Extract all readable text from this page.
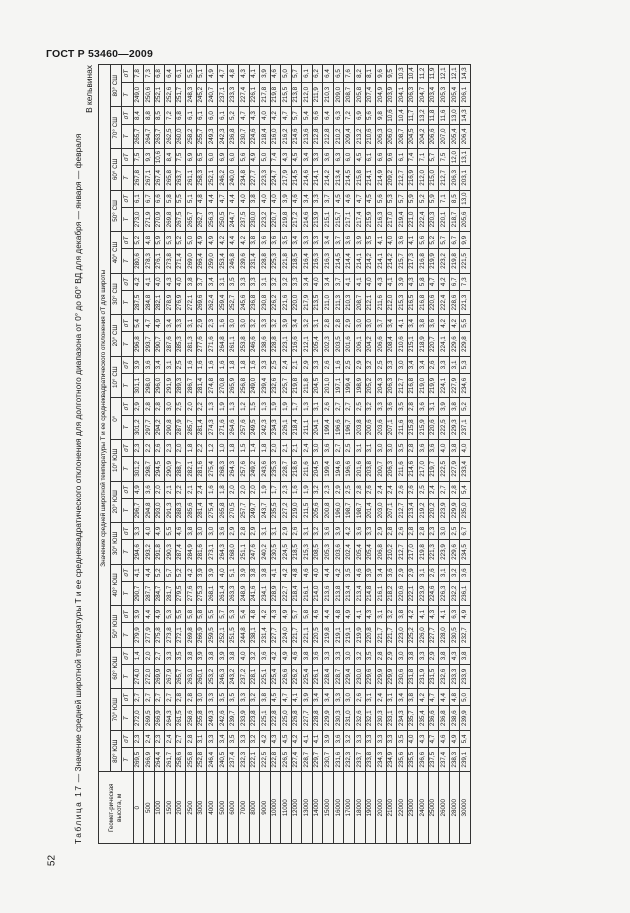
ГОСТ Р 53460—2009
52
Таблица 17 — Значение средней широтной температуры T и ее среднеквадратического отклонения для долготного диапазона от 0° до 60° ВД для декабря — января — февраля
В кельвинах
Геомет-рическая высота, м	Значение средней широтной температуры T и ее среднеквадратического отклонения σT для широты																																	
	80° ЮШ		70° ЮШ		60° ЮШ		50° ЮШ		40° ЮШ		30° ЮШ		20° ЮШ		10° ЮШ		0°		10° СШ		20° СШ		30° СШ		40° СШ		50° СШ		60° СШ		70° СШ		80° СШ	
	T	σT	T	σT	T	σT	T	σT	T	σT	T	σT	T	σT	T	σT	T	σT	T	σT	T	σT	T	σT	T	σT	T	σT	T	σT	T	σT	T	σT
0	269,5	2,3	272,0	2,7	274,0	1,4	279,9	3,9	290,7	4,1	294,6	3,3	296,7	4,9	301,2	2,3	301,2	2,9	301,1	3,9	296,8	5,4	287,5	4,2	280,6	5,2	273,0	6,1	267,8	7,5	265,7	8,4	249,0	7,8
500	266,9	2,4	269,5	2,7	272,0	2,0	277,9	4,4	287,7	4,4	293,2	4,0	294,8	3,6	298,7	2,2	297,7	2,8	298,0	3,6	293,7	4,7	284,8	4,1	278,3	4,8	271,9	6,7	267,1	9,3	264,7	8,8	250,6	7,3
1000	264,4	2,3	266,9	2,7	269,9	2,7	275,8	4,9	284,7	5,2	291,8	4,9	293,0	2,0	294,5	2,6	294,2	2,8	296,0	3,4	290,7	4,9	282,1	4,0	276,1	5,9	270,9	6,6	267,4	10,6	263,7	8,5	252,1	6,8
1500	261,7	2,4	264,3	2,7	267,9	3,3	273,8	5,3	281,7	5,7	290,3	5,5	291,3	2,1	290,9	2,3	290,8	3,0	291,9	3,1	287,6	3,4	278,9	4,3	273,8	5,3	269,8	5,8	265,8	8,4	262,5	7,2	252,6	6,4
2000	258,6	2,7	261,5	2,8	265,7	3,5	272,1	5,5	279,5	5,2	287,4	4,6	288,3	2,2	288,7	2,0	287,9	2,5	289,3	2,5	285,3	3,3	276,9	4,0	271,4	5,2	267,5	5,5	263,7	7,5	260,0	6,8	251,7	6,1
2500	255,8	2,8	258,6	2,8	263,0	3,8	269,8	5,8	277,6	4,2	284,9	3,8	285,6	2,1	282,1	1,8	285,7	2,0	286,7	1,6	281,3	3,1	272,1	3,8	269,0	5,0	265,7	5,1	261,1	6,9	258,2	6,1	248,3	5,5
3000	252,8	3,1	255,8	3,0	260,1	3,9	266,9	5,8	275,3	3,9	281,6	3,0	281,4	2,4	281,6	2,2	281,4	2,2	281,4	1,6	277,6	2,9	269,6	3,7	266,4	4,9	262,7	4,8	258,3	6,5	255,7	6,1	245,2	5,1
4000	246,4	3,3	249,3	3,3	253,2	3,8	259,5	5,5	268,1	3,9	273,1	3,0	275,4	1,6	275,4	1,2	274,3	1,3	274,8	1,6	271,6	2,3	262,4	3,4	259,0	4,9	256,3	4,4	252,1	6,0	249,3	6,0	240,7	4,9
5000	240,5	3,4	242,6	3,5	246,3	3,9	252,1	5,7	261,4	4,0	264,3	3,6	265,8	1,8	268,3	1,0	271,6	1,9	270,8	1,6	264,8	1,6	259,4	3,1	253,4	4,2	250,5	4,7	246,2	6,9	242,3	6,1	237,1	4,7
6000	237,4	3,5	239,7	3,5	243,2	3,8	251,5	5,3	263,3	5,1	268,0	2,9	270,5	2,0	264,3	1,8	264,6	1,3	265,9	1,8	261,1	3,0	252,7	3,5	246,8	4,4	244,7	4,4	240,0	6,0	236,8	5,2	233,3	4,8
7000	232,3	3,3	233,9	3,3	237,2	4,0	244,8	5,4	248,9	3,9	251,1	2,8	257,7	2,0	257,6	1,5	257,6	1,2	256,8	1,8	253,8	3,0	245,6	3,3	239,6	4,2	237,5	4,0	234,8	5,6	230,7	4,7	227,4	4,3
8000	222,1	3,2	223,8	3,2	228,1	3,2	238,1	4,8	241,6	3,8	247,6	2,9	249,7	2,0	249,2	1,4	249,5	1,5	249,0	1,6	246,6	3,2	236,8	3,3	231,4	3,8	230,0	3,8	227,7	4,9	224,6	4,3	226,1	4,1
9000	222,5	4,2	225,1	3,8	225,1	3,6	231,4	4,2	234,1	3,8	240,2	3,1	243,7	1,9	243,6	1,8	242,3	1,3	239,4	3,3	238,6	3,3	230,8	3,1	228,8	3,6	223,2	4,0	223,3	5,0	218,4	4,0	217,8	3,9
10000	222,8	4,3	222,8	4,5	225,4	4,2	227,7	4,3	228,9	4,1	230,5	3,1	235,5	1,7	235,3	2,0	234,3	1,9	232,6	2,5	228,8	3,2	226,2	3,2	225,3	3,6	220,7	4,0	224,7	7,4	216,0	4,2	219,8	4,6
11000	226,5	4,5	225,0	4,7	226,6	4,9	224,0	4,9	222,7	4,2	224,5	2,9	227,2	2,3	228,7	2,1	226,1	1,9	225,7	2,4	223,1	3,9	221,6	3,2	221,8	3,5	219,8	3,9	217,9	4,3	216,2	4,7	215,5	5,0
12000	227,4	4,2	226,8	4,1	226,2	4,6	221,7	5,7	218,4	4,8	218,5	2,6	219,0	1,6	218,6	2,1	218,4	1,7	219,8	2,1	216,6	3,4	220,0	3,3	218,5	3,4	217,2	4,6	214,5	4,5	214,6	5,7	213,8	5,7
13000	228,7	4,1	227,7	3,9	225,4	3,8	221,1	5,8	216,1	4,6	215,3	3,1	211,5	1,9	211,6	2,4	211,1	1,3	211,8	2,9	212,1	3,2	217,9	3,4	216,4	3,3	214,6	3,4	214,6	3,4	213,6	5,4	212,0	6,1
14000	229,7	4,1	228,8	3,4	226,1	3,6	220,5	4,6	214,0	4,0	208,5	3,2	205,6	3,2	204,5	3,0	204,1	3,1	204,5	3,3	205,4	3,1	213,5	4,0	216,3	3,3	213,9	3,3	214,1	3,3	212,8	6,6	211,9	6,2
15000	230,7	3,9	229,9	3,4	228,4	3,3	219,8	4,4	213,6	4,4	205,3	3,6	200,8	2,3	199,4	3,6	199,4	2,6	201,0	2,6	202,3	2,8	211,0	3,4	216,3	3,4	215,1	3,7	214,2	3,6	212,8	6,4	210,3	6,4
16000	231,6	3,6	230,3	3,3	228,7	3,3	219,1	4,8	213,8	4,2	203,6	3,9	196,0	2,9	194,6	2,7	196,6	2,7	197,1	1,6	203,5	2,8	211,3	3,7	214,5	3,7	215,7	4,5	213,4	6,3	210,2	6,3	209,0	6,5
17000	232,3	3,2	231,0	3,0	229,4	3,0	219,1	4,9	213,4	3,5	202,4	4,2	198,7	2,5	196,6	2,5	196,7	2,7	199,4	2,5	201,6	2,9	210,3	4,1	214,4	3,6	217,1	4,6	214,5	6,0	209,4	7,2	208,7	7,6
18000	233,7	3,3	232,6	2,6	230,0	3,2	219,9	4,1	213,4	4,6	205,4	3,6	198,7	2,8	201,6	3,1	203,8	2,5	198,9	2,9	206,1	3,0	208,7	4,1	214,1	3,9	217,4	4,7	215,8	4,5	213,2	6,9	205,8	8,2
19000	233,8	3,3	232,1	3,1	229,6	3,5	220,8	4,3	214,8	3,9	205,4	3,3	201,4	2,6	203,8	3,1	200,6	3,2	205,2	3,2	204,2	3,0	212,1	4,0	214,2	3,5	215,9	4,5	214,1	6,1	210,6	5,6	207,4	8,1
20000	234,3	3,3	230,3	2,4	229,9	2,8	221,7	3,1	216,1	3,4	206,8	2,9	203,0	2,4	200,7	3,0	203,6	3,3	204,3	2,5	206,6	3,7	211,6	4,3	214,1	4,1	216,3	5,6	214,9	6,6	206,3	9,8	204,9	9,6
21000	234,9	3,3	233,1	3,1	229,9	2,9	221,7	3,2	218,2	3,6	210,2	2,8	207,1	2,4	206,3	3,0	207,1	3,6	206,3	3,3	208,4	3,4	212,0	4,1	214,2	4,0	217,0	5,3	209,2	9,6	206,0	10,6	203,9	9,5
22000	235,6	3,5	234,3	3,4	230,6	3,0	223,0	3,8	220,6	2,9	212,7	2,6	212,7	2,6	211,6	3,5	211,6	3,5	212,7	3,0	210,6	4,1	215,3	3,9	215,7	3,6	219,4	5,7	212,7	6,1	208,7	10,4	204,1	10,3
23000	235,5	4,0	235,7	3,8	231,8	3,8	225,2	4,2	222,1	2,9	217,0	2,8	213,4	2,6	214,6	2,8	215,8	2,8	216,8	3,4	215,1	3,4	216,5	4,3	217,3	4,1	221,0	5,9	216,9	7,4	204,5	11,7	206,3	10,4
24000	236,6	4,3	235,4	4,2	231,9	3,3	226,0	4,1	223,9	3,1	219,8	2,8	219,2	2,5	217,0	3,6	215,9	3,6	219,0	3,4	218,9	3,8	216,8	5,8	216,8	5,6	222,4	5,2	212,0	7,1	204,2	13,2	204,7	11,2
25000	237,5	4,7	236,6	4,7	231,5	2,9	227,7	4,3	224,6	2,6	221,3	2,3	220,2	2,4	219,7	3,6	220,6	3,1	219,9	2,6	220,7	3,6	220,6	4,7	219,9	5,2	220,3	5,9	215,0	5,7	206,6	11,8	203,4	11,9
26000	237,4	4,6	236,8	4,4	232,6	3,8	228,0	4,1	226,3	3,1	223,9	3,0	223,9	2,7	222,5	4,0	222,5	3,9	224,1	3,3	224,1	4,2	222,4	4,2	223,2	5,7	220,1	7,1	212,7	7,5	207,0	11,6	205,3	12,1
28000	238,3	4,9	238,6	4,8	233,3	4,3	230,5	6,3	232,2	3,2	229,6	2,5	229,9	2,8	227,9	3,8	229,3	3,8	227,9	3,1	229,6	4,2	228,6	6,7	219,8	6,7	218,7	8,5	206,3	12,0	205,4	13,0	205,4	12,1
30000	239,1	5,4	239,9	5,0	233,9	3,8	232,7	4,9	236,1	3,6	234,5	6,7	235,0	5,4	233,4	4,0	237,1	5,2	234,6	5,3	229,8	5,5	221,3	7,3	221,5	9,9	205,6	13,0	203,1	13,1	206,4	14,3	206,1	14,3
